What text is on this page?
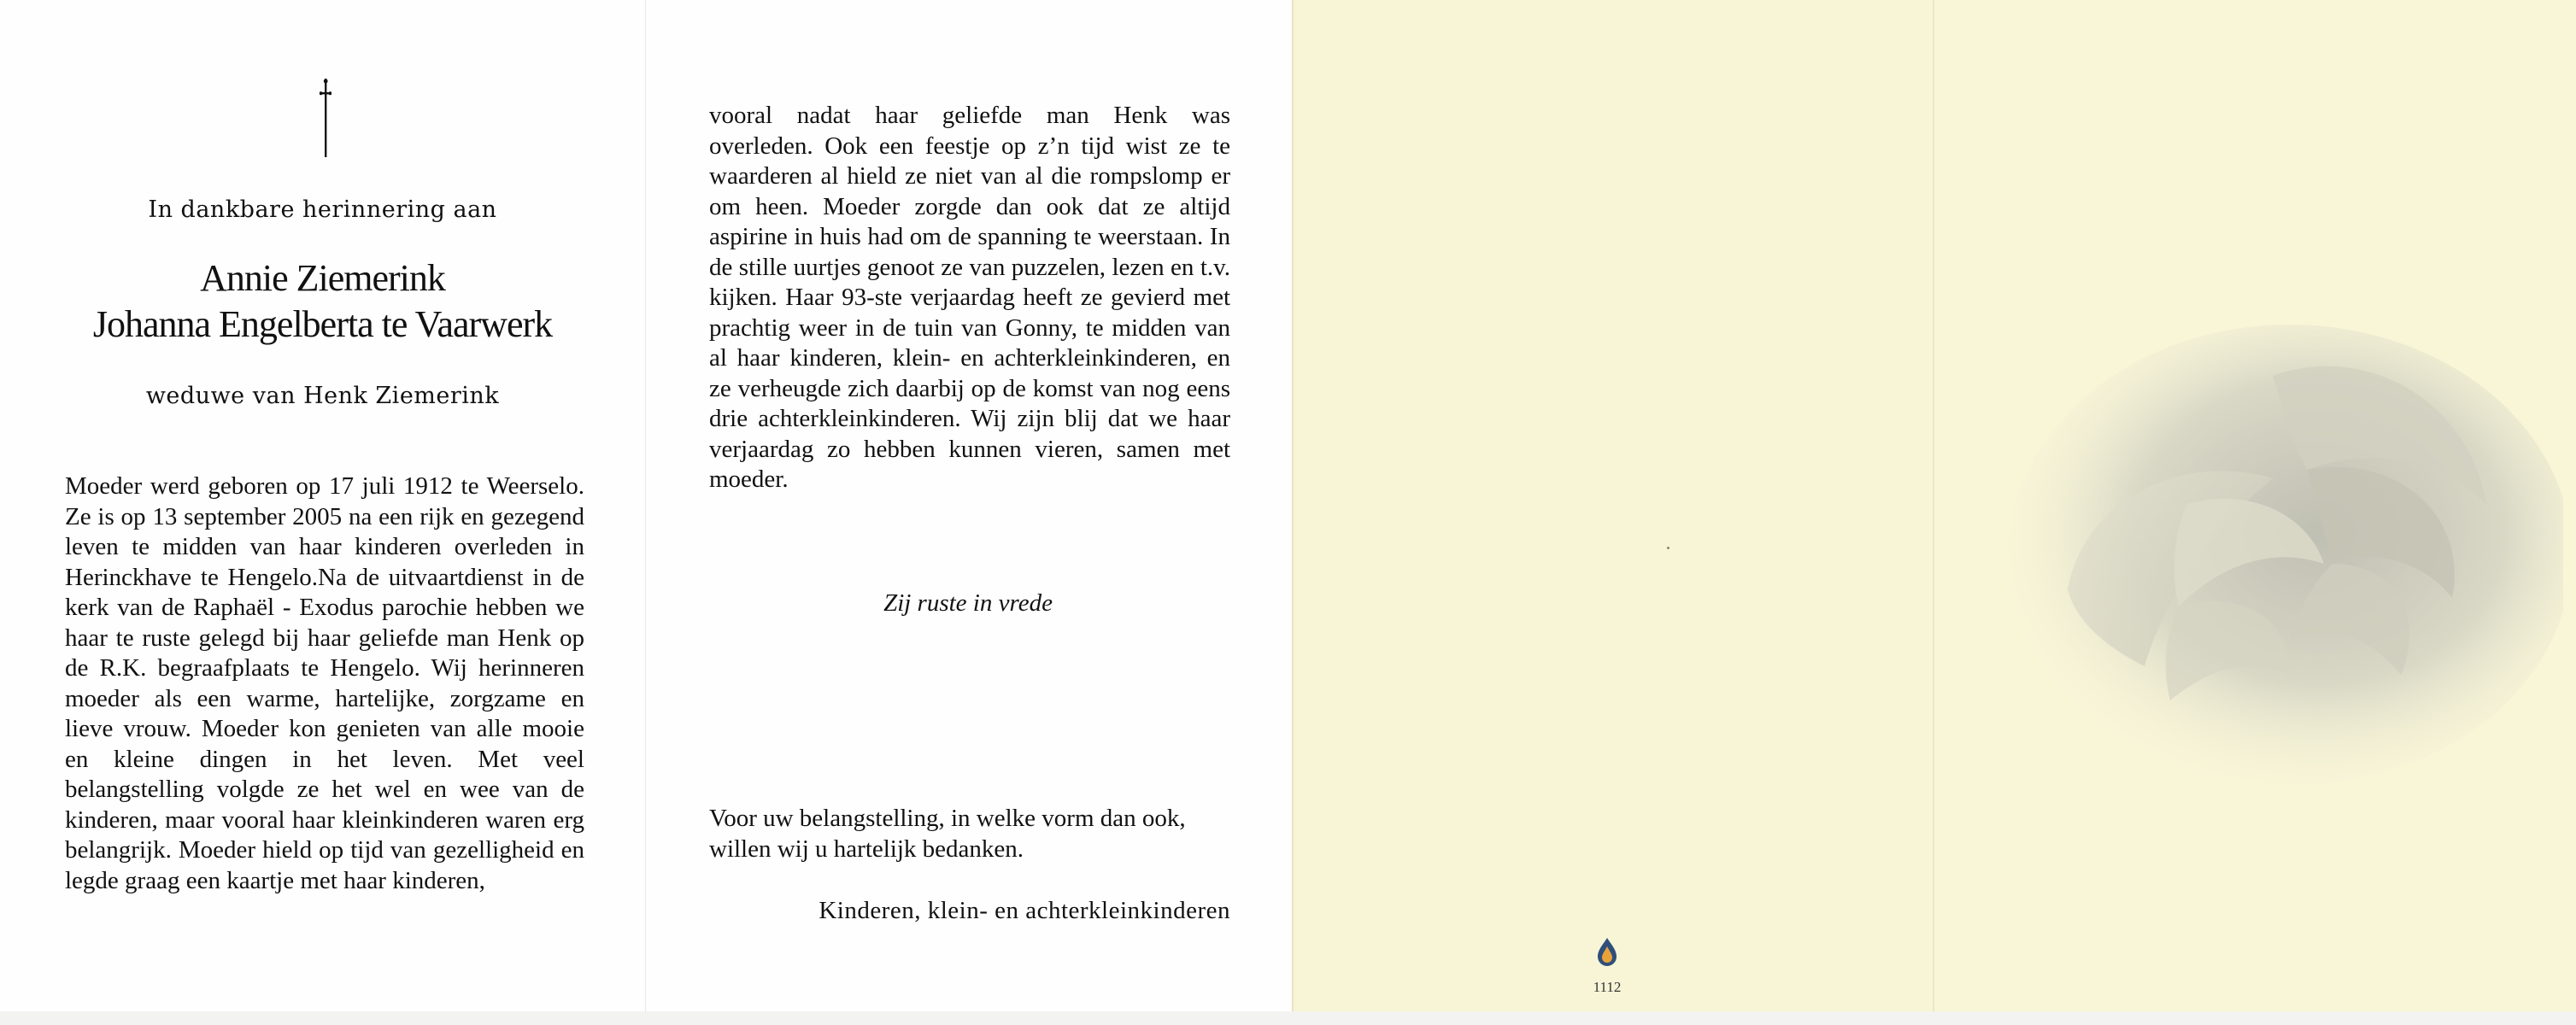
In dankbare herinnering aan
Annie Ziemerink
Johanna Engelberta te Vaarwerk
weduwe van Henk Ziemerink
Moeder werd geboren op 17 juli 1912 te Weerselo. Ze is op 13 september 2005 na een rijk en gezegend leven te midden van haar kinderen overleden in Herinckhave te Hengelo.Na de uitvaartdienst in de kerk van de Raphaël - Exodus parochie hebben we haar te ruste gelegd bij haar geliefde man Henk op de R.K. begraafplaats te Hengelo. Wij herinneren moeder als een warme, hartelijke, zorgzame en lieve vrouw. Moeder kon genieten van alle mooie en kleine dingen in het leven. Met veel belangstelling volgde ze het wel en wee van de kinderen, maar vooral haar kleinkinderen waren erg belangrijk. Moeder hield op tijd van gezelligheid en legde graag een kaartje met haar kinderen,
vooral nadat haar geliefde man Henk was overleden. Ook een feestje op z’n tijd wist ze te waarderen al hield ze niet van al die rompslomp er om heen. Moeder zorgde dan ook dat ze altijd aspirine in huis had om de spanning te weerstaan. In de stille uurtjes genoot ze van puzzelen, lezen en t.v. kijken. Haar 93-ste verjaardag heeft ze gevierd met prachtig weer in de tuin van Gonny, te midden van al haar kinderen, klein- en achterkleinkinderen, en ze verheugde zich daarbij op de komst van nog eens drie achterkleinkinderen. Wij zijn blij dat we haar verjaardag zo hebben kunnen vieren, samen met moeder.
Zij ruste in vrede
Voor uw belangstelling, in welke vorm dan ook, willen wij u hartelijk bedanken.
Kinderen, klein- en achterkleinkinderen
1112
